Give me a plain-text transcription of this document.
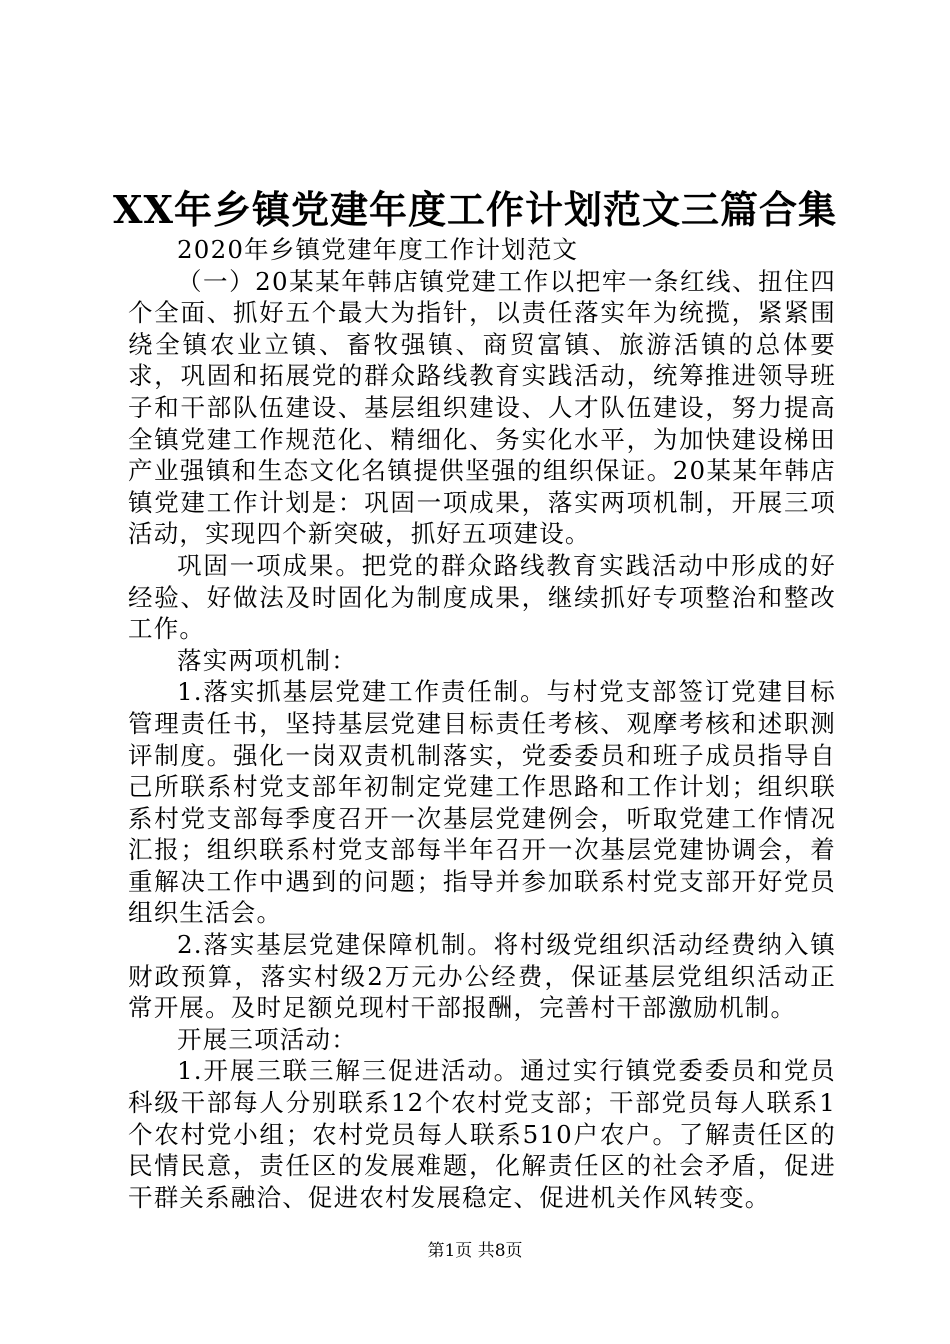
XX年乡镇党建年度工作计划范文三篇合集

2020年乡镇党建年度工作计划范文

（一）20某某年韩店镇党建工作以把牢一条红线、扭住四个全面、抓好五个最大为指针，以责任落实年为统揽，紧紧围绕全镇农业立镇、畜牧强镇、商贸富镇、旅游活镇的总体要求，巩固和拓展党的群众路线教育实践活动，统筹推进领导班子和干部队伍建设、基层组织建设、人才队伍建设，努力提高全镇党建工作规范化、精细化、务实化水平，为加快建设梯田产业强镇和生态文化名镇提供坚强的组织保证。20某某年韩店镇党建工作计划是：巩固一项成果，落实两项机制，开展三项活动，实现四个新突破，抓好五项建设。

巩固一项成果。把党的群众路线教育实践活动中形成的好经验、好做法及时固化为制度成果，继续抓好专项整治和整改工作。

落实两项机制：

1.落实抓基层党建工作责任制。与村党支部签订党建目标管理责任书，坚持基层党建目标责任考核、观摩考核和述职测评制度。强化一岗双责机制落实，党委委员和班子成员指导自己所联系村党支部年初制定党建工作思路和工作计划；组织联系村党支部每季度召开一次基层党建例会，听取党建工作情况汇报；组织联系村党支部每半年召开一次基层党建协调会，着重解决工作中遇到的问题；指导并参加联系村党支部开好党员组织生活会。

2.落实基层党建保障机制。将村级党组织活动经费纳入镇财政预算，落实村级2万元办公经费，保证基层党组织活动正常开展。及时足额兑现村干部报酬，完善村干部激励机制。

开展三项活动：

1.开展三联三解三促进活动。通过实行镇党委委员和党员科级干部每人分别联系12个农村党支部；干部党员每人联系1个农村党小组；农村党员每人联系510户农户。了解责任区的民情民意，责任区的发展难题，化解责任区的社会矛盾，促进干群关系融洽、促进农村发展稳定、促进机关作风转变。

第1页 共8页
